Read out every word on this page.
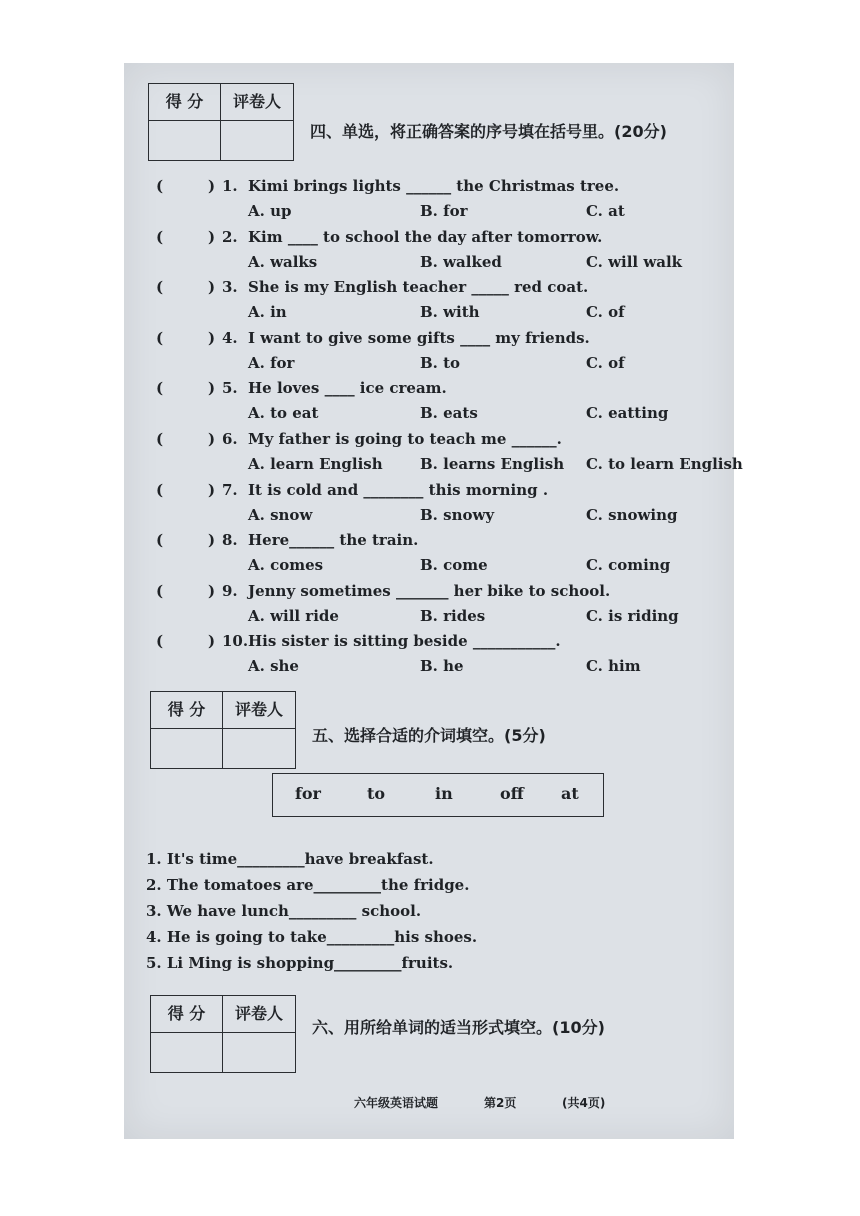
得 分	评卷人
四、单选，将正确答案的序号填在括号里。(20分)
(	) 1. Kimi brings lights ______ the Christmas tree.
A. up	B. for	C. at
(	) 2. Kim ____ to school the day after tomorrow.
A. walks	B. walked	C. will walk
(	) 3. She is my English teacher _____ red coat.
A. in	B. with	C. of
(	) 4. I want to give some gifts ____ my friends.
A. for	B. to	C. of
(	) 5. He loves ____ ice cream.
A. to eat	B. eats	C. eatting
(	) 6. My father is going to teach me ______.
A. learn English B. learns English C. to learn English
(	) 7. It is cold and ________ this morning .
A. snow	B. snowy	C. snowing
(	) 8. Here______ the train.
A. comes	B. come	C. coming
(	) 9. Jenny sometimes _______ her bike to school.
A. will ride	B. rides	C. is riding
(	) 10. His sister is sitting beside ___________.
A. she	B. he	C. him
得 分	评卷人
五、选择合适的介词填空。(5分)
for	to	in	off at
1. It's time_________have breakfast.
2. The tomatoes are_________the fridge.
3. We have lunch_________ school.
4. He is going to take_________his shoes.
5. Li Ming is shopping_________fruits.
得 分	评卷人
六、用所给单词的适当形式填空。(10分)
六年级英语试题	第2页	(共4页)
